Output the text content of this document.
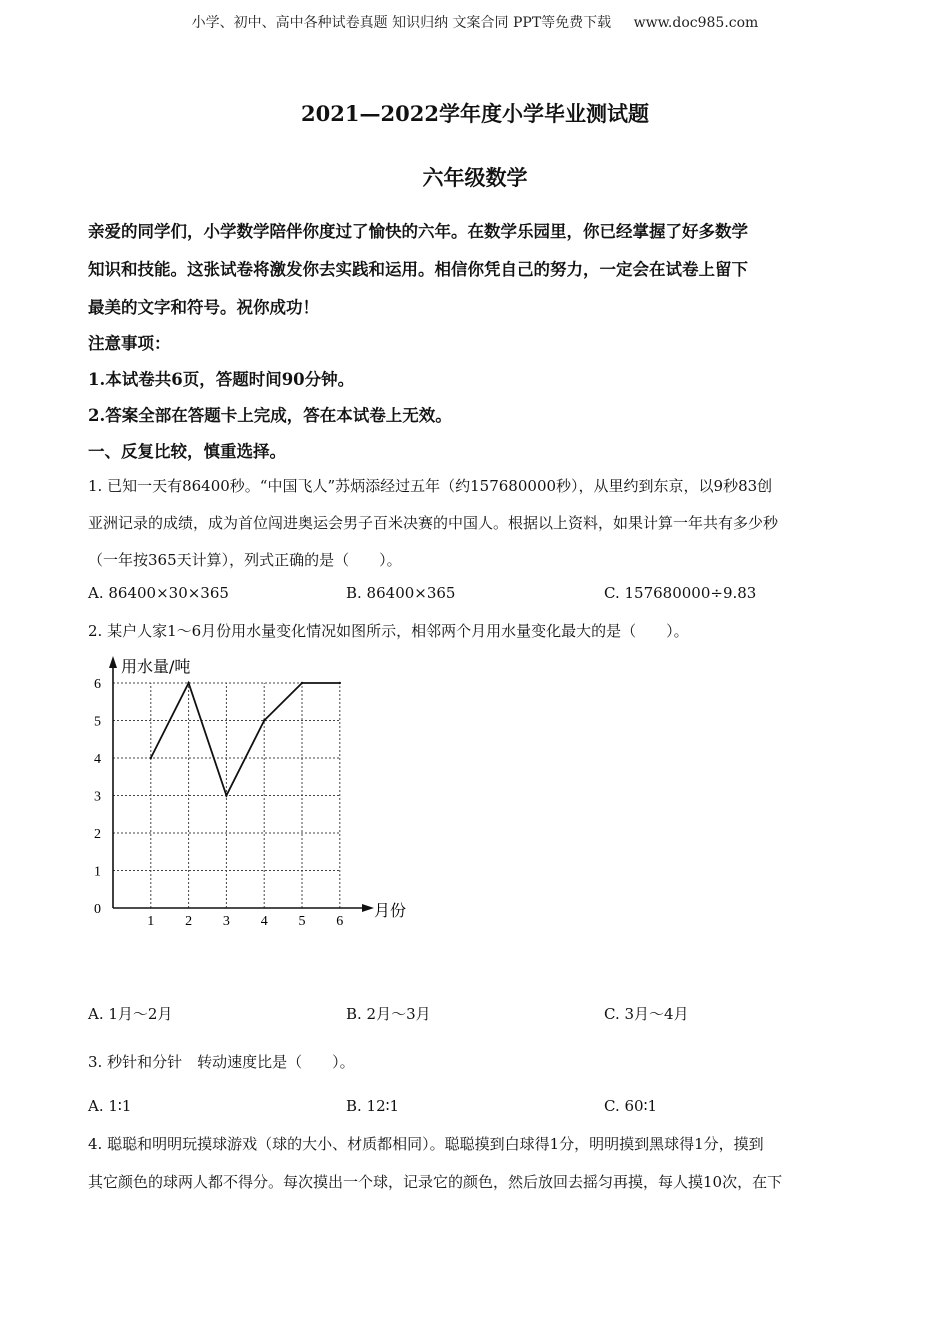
小学、初中、高中各种试卷真题 知识归纳 文案合同 PPT等免费下载 www.doc985.com
2021—2022学年度小学毕业测试题
六年级数学
亲爱的同学们，小学数学陪伴你度过了愉快的六年。在数学乐园里，你已经掌握了好多数学
知识和技能。这张试卷将激发你去实践和运用。相信你凭自己的努力，一定会在试卷上留下
最美的文字和符号。祝你成功！
注意事项：
1.本试卷共6页，答题时间90分钟。
2.答案全部在答题卡上完成，答在本试卷上无效。
一、反复比较，慎重选择。
1. 已知一天有86400秒。“中国飞人”苏炳添经过五年（约157680000秒），从里约到东京，以9秒83创
亚洲记录的成绩，成为首位闯进奥运会男子百米决赛的中国人。根据以上资料，如果计算一年共有多少秒
（一年按365天计算），列式正确的是（　　）。
A. 86400×30×365	B. 86400×365	C. 157680000÷9.83
2. 某户人家1～6月份用水量变化情况如图所示，相邻两个月用水量变化最大的是（　　）。
0
1
2
3
4
5
6
1 2 3 4 5 6
用水量/吨
月份
A. 1月～2月	B. 2月～3月	C. 3月～4月
3. 秒针和分针　转动速度比是（　　）。
A. 1∶1	B. 12∶1	C. 60∶1
4. 聪聪和明明玩摸球游戏（球的大小、材质都相同）。聪聪摸到白球得1分，明明摸到黑球得1分，摸到
其它颜色的球两人都不得分。每次摸出一个球，记录它的颜色，然后放回去摇匀再摸，每人摸10次，在下
